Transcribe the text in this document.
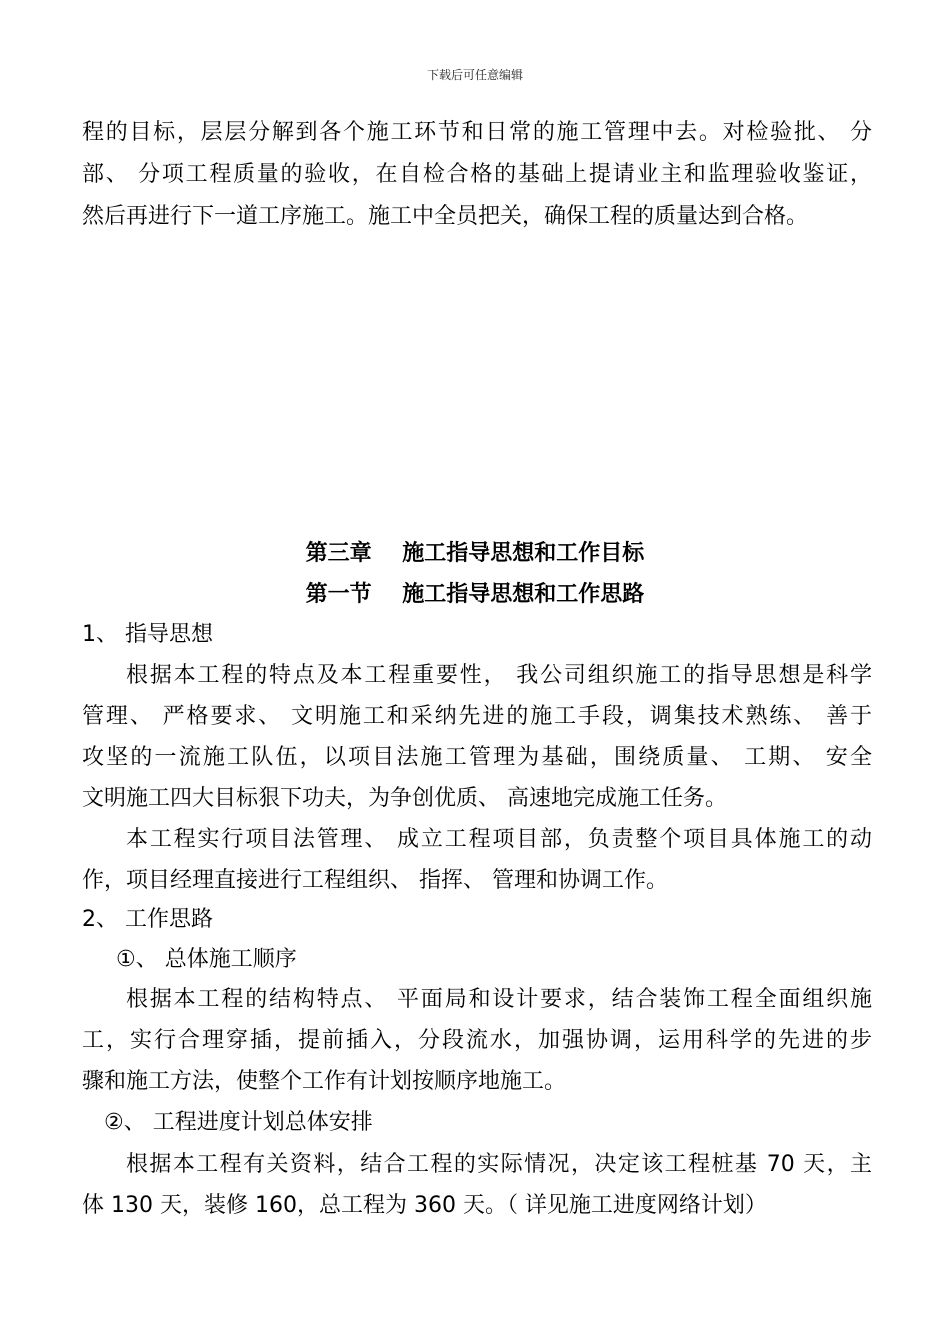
下载后可任意编辑
程的目标，层层分解到各个施工环节和日常的施工管理中去。对检验批、 分
部、 分项工程质量的验收，在自检合格的基础上提请业主和监理验收鉴证，
然后再进行下一道工序施工。施工中全员把关，确保工程的质量达到合格。
第三章    施工指导思想和工作目标
第一节    施工指导思想和工作思路
1、 指导思想
根据本工程的特点及本工程重要性， 我公司组织施工的指导思想是科学
管理、 严格要求、 文明施工和采纳先进的施工手段，调集技术熟练、 善于
攻坚的一流施工队伍，以项目法施工管理为基础，围绕质量、 工期、 安全
文明施工四大目标狠下功夫，为争创优质、 高速地完成施工任务。
本工程实行项目法管理、 成立工程项目部，负责整个项目具体施工的动
作，项目经理直接进行工程组织、 指挥、 管理和协调工作。
2、 工作思路
①、 总体施工顺序
根据本工程的结构特点、 平面局和设计要求，结合装饰工程全面组织施
工，实行合理穿插，提前插入，分段流水，加强协调，运用科学的先进的步
骤和施工方法，使整个工作有计划按顺序地施工。
②、 工程进度计划总体安排
根据本工程有关资料，结合工程的实际情况，决定该工程桩基 70 天，主
体 130 天，装修 160，总工程为 360 天。（ 详见施工进度网络计划）
